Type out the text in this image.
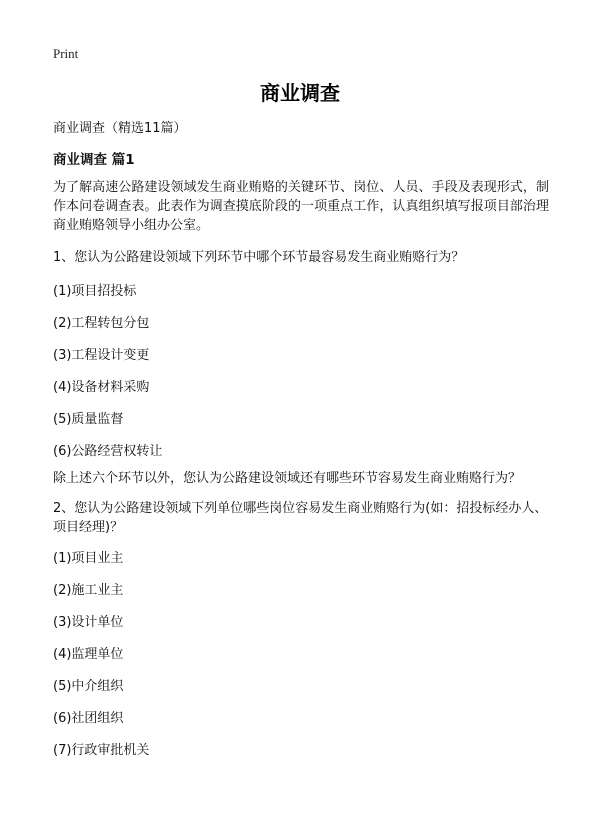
Print
商业调查
商业调查（精选11篇）
商业调查 篇1
为了解高速公路建设领域发生商业贿赂的关键环节、岗位、人员、手段及表现形式，制作本问卷调查表。此表作为调查摸底阶段的一项重点工作，认真组织填写报项目部治理商业贿赂领导小组办公室。
1、您认为公路建设领域下列环节中哪个环节最容易发生商业贿赂行为？
(1)项目招投标
(2)工程转包分包
(3)工程设计变更
(4)设备材料采购
(5)质量监督
(6)公路经营权转让
除上述六个环节以外，您认为公路建设领域还有哪些环节容易发生商业贿赂行为？
2、您认为公路建设领域下列单位哪些岗位容易发生商业贿赂行为(如：招投标经办人、项目经理)？
(1)项目业主
(2)施工业主
(3)设计单位
(4)监理单位
(5)中介组织
(6)社团组织
(7)行政审批机关
